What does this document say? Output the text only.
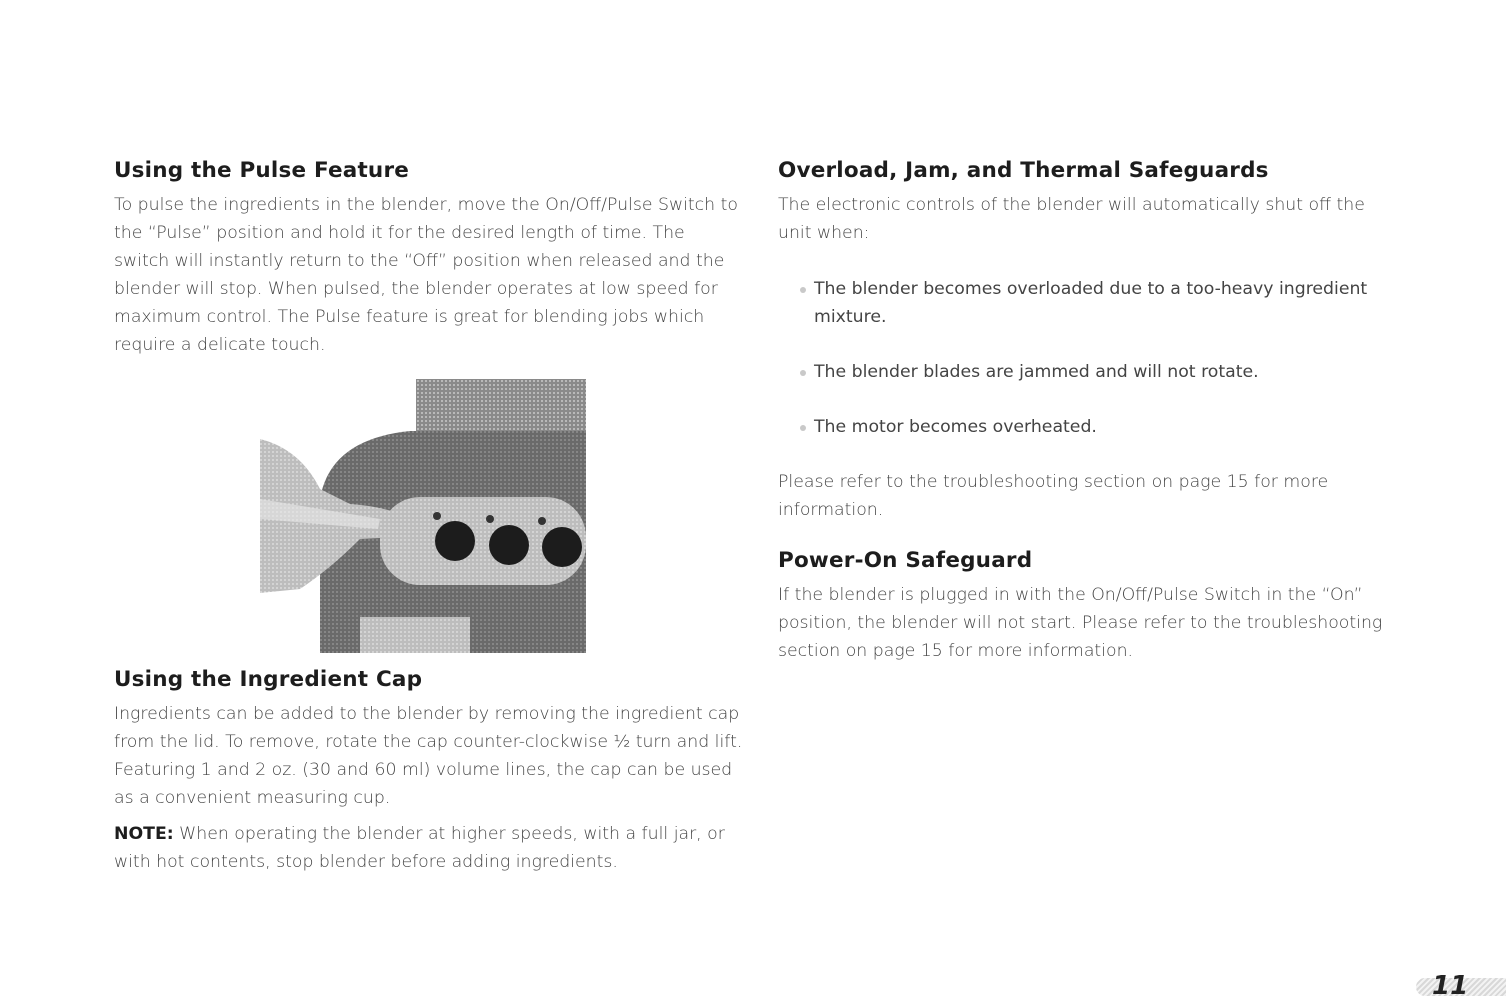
Using the Pulse Feature

To pulse the ingredients in the blender, move the On/Off/Pulse Switch to the “Pulse” position and hold it for the desired length of time. The switch will instantly return to the “Off” position when released and the blender will stop. When pulsed, the blender operates at low speed for maximum control. The Pulse feature is great for blending jobs which require a delicate touch.

Using the Ingredient Cap

Ingredients can be added to the blender by removing the ingredient cap from the lid. To remove, rotate the cap counter-clockwise ½ turn and lift. Featuring 1 and 2 oz. (30 and 60 ml) volume lines, the cap can be used as a convenient measuring cup.

NOTE: When operating the blender at higher speeds, with a full jar, or with hot contents, stop blender before adding ingredients.

Overload, Jam, and Thermal Safeguards

The electronic controls of the blender will automatically shut off the unit when:

The blender becomes overloaded due to a too-heavy ingredient mixture.
The blender blades are jammed and will not rotate.
The motor becomes overheated.

Please refer to the troubleshooting section on page 15 for more information.

Power-On Safeguard

If the blender is plugged in with the On/Off/Pulse Switch in the “On” position, the blender will not start. Please refer to the troubleshooting section on page 15 for more information.

11
